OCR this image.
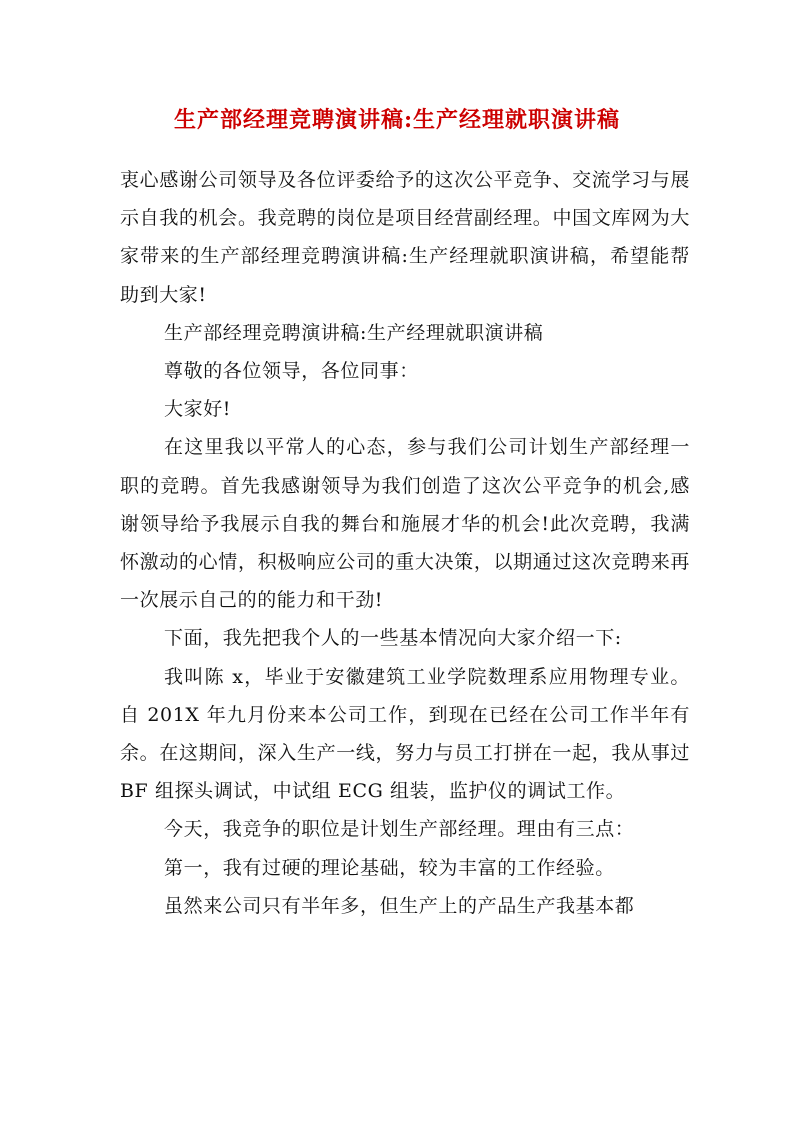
生产部经理竞聘演讲稿:生产经理就职演讲稿

衷心感谢公司领导及各位评委给予的这次公平竞争、交流学习与展示自我的机会。我竞聘的岗位是项目经营副经理。中国文库网为大家带来的生产部经理竞聘演讲稿:生产经理就职演讲稿，希望能帮助到大家!

生产部经理竞聘演讲稿:生产经理就职演讲稿

尊敬的各位领导，各位同事：

大家好!

在这里我以平常人的心态，参与我们公司计划生产部经理一职的竞聘。首先我感谢领导为我们创造了这次公平竞争的机会,感谢领导给予我展示自我的舞台和施展才华的机会!此次竞聘，我满怀激动的心情，积极响应公司的重大决策，以期通过这次竞聘来再一次展示自己的的能力和干劲!

下面，我先把我个人的一些基本情况向大家介绍一下:

我叫陈 x，毕业于安徽建筑工业学院数理系应用物理专业。自 201X 年九月份来本公司工作，到现在已经在公司工作半年有余。在这期间，深入生产一线，努力与员工打拼在一起，我从事过 BF 组探头调试，中试组 ECG 组装，监护仪的调试工作。

今天，我竞争的职位是计划生产部经理。理由有三点：

第一，我有过硬的理论基础，较为丰富的工作经验。

虽然来公司只有半年多，但生产上的产品生产我基本都
